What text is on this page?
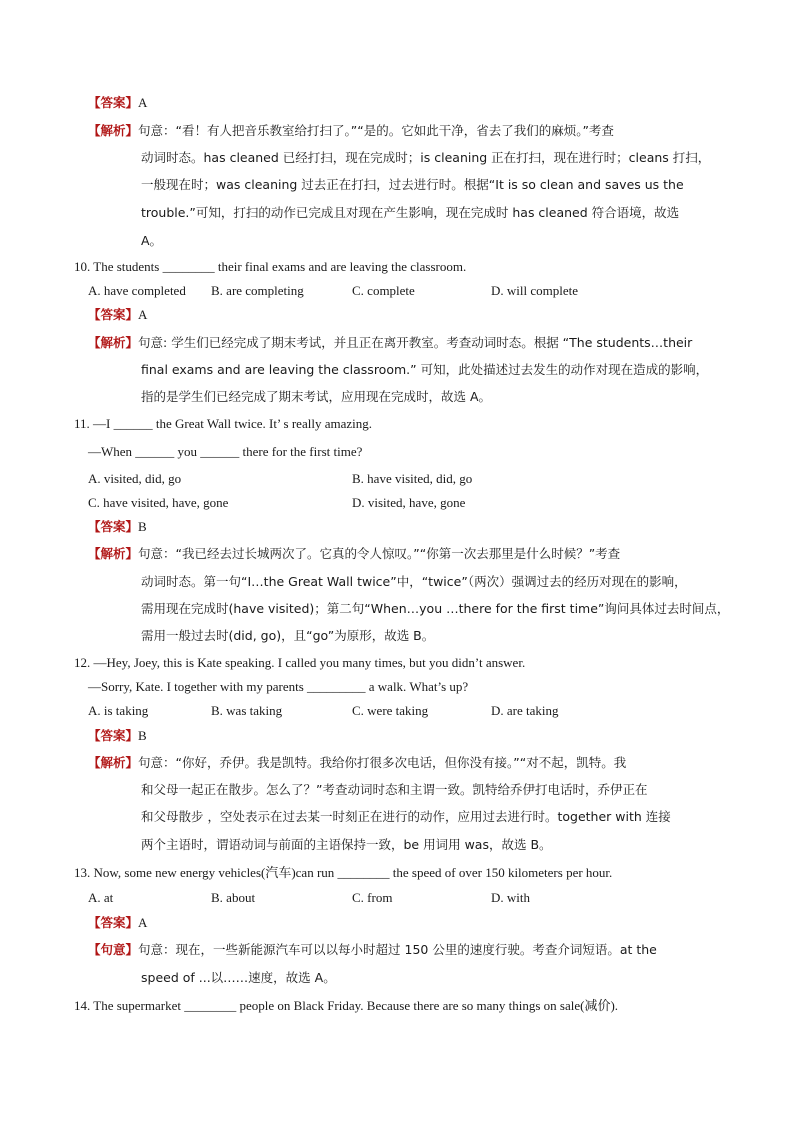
【答案】A
【解析】句意：“看！有人把音乐教室给打扫了。”“是的。它如此干净，省去了我们的麻烦。”考查
动词时态。has cleaned 已经打扫，现在完成时；is cleaning 正在打扫，现在进行时；cleans 打扫，
一般现在时；was cleaning 过去正在打扫，过去进行时。根据“It is so clean and saves us the
trouble.”可知，打扫的动作已完成且对现在产生影响，现在完成时 has cleaned 符合语境，故选
A。
10. The students ________ their final exams and are leaving the classroom.
A. have completed B. are completing	C. complete	D. will complete
【答案】A
【解析】句意: 学生们已经完成了期末考试，并且正在离开教室。考查动词时态。根据 “The students…their
final exams and are leaving the classroom.” 可知，此处描述过去发生的动作对现在造成的影响，
指的是学生们已经完成了期末考试，应用现在完成时，故选 A。
11. —I ______ the Great Wall twice. It’ s really amazing.
—When ______ you ______ there for the first time?
A. visited, did, go	B. have visited, did, go
C. have visited, have, gone	D. visited, have, gone
【答案】B
【解析】句意：“我已经去过长城两次了。它真的令人惊叹。”“你第一次去那里是什么时候？”考查
动词时态。第一句“I…the Great Wall twice”中，“twice”（两次）强调过去的经历对现在的影响，
需用现在完成时(have visited)；第二句“When…you …there for the first time”询问具体过去时间点，
需用一般过去时(did, go)，且“go”为原形，故选 B。
12. —Hey, Joey, this is Kate speaking. I called you many times, but you didn’t answer.
—Sorry, Kate. I together with my parents _________ a walk. What’s up?
A. is taking	B. was taking	C. were taking	D. are taking
【答案】B
【解析】句意：“你好，乔伊。我是凯特。我给你打很多次电话，但你没有接。”“对不起，凯特。我
和父母一起正在散步。怎么了？”考查动词时态和主谓一致。凯特给乔伊打电话时，乔伊正在
和父母散步 ，空处表示在过去某一时刻正在进行的动作，应用过去进行时。together with 连接
两个主语时，谓语动词与前面的主语保持一致，be 用词用 was，故选 B。
13. Now, some new energy vehicles(汽车)can run ________ the speed of over 150 kilometers per hour.
A. at	B. about	C. from	D. with
【答案】A
【句意】句意：现在，一些新能源汽车可以以每小时超过 150 公里的速度行驶。考查介词短语。at the
speed of ...以……速度，故选 A。
14. The supermarket ________ people on Black Friday. Because there are so many things on sale(减价).
